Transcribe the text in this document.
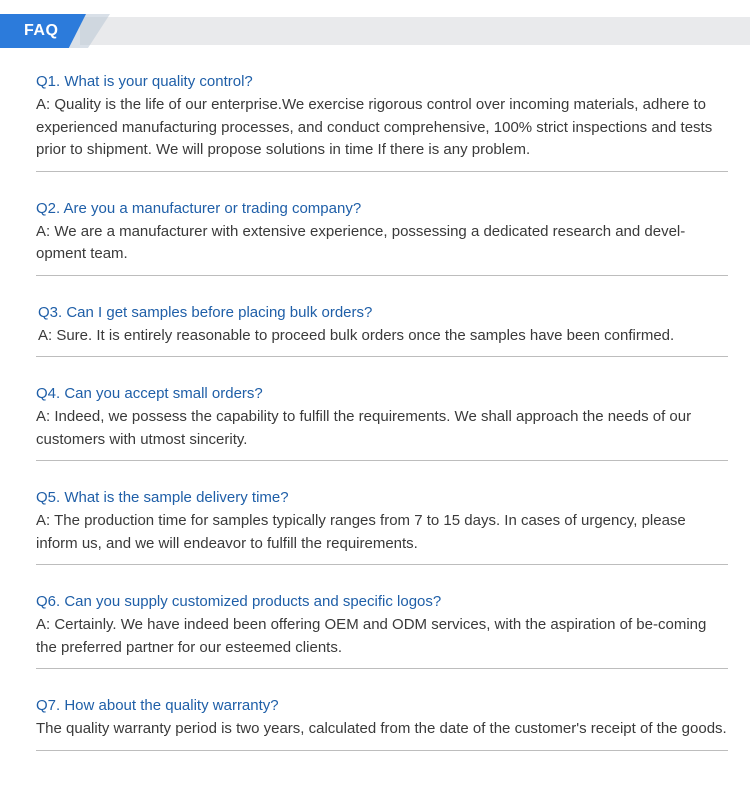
FAQ

Q1. What is your quality control?

A: Quality is the life of our enterprise.We exercise rigorous control over incoming materials, adhere to experienced manufacturing processes, and conduct comprehensive, 100% strict inspections and tests prior to shipment. We will propose solutions in time If there is any problem.

Q2. Are you a manufacturer or trading company?

A: We are a manufacturer with extensive experience, possessing a dedicated research and devel-opment team.

Q3. Can I get samples before placing bulk orders?

A: Sure. It is entirely reasonable to proceed bulk orders once the samples have been confirmed.

Q4. Can you accept small orders?

A: Indeed, we possess the capability to fulfill the requirements. We shall approach the needs of our customers with utmost sincerity.

Q5. What is the sample delivery time?

A: The production time for samples typically ranges from 7 to 15 days. In cases of urgency, please inform us, and we will endeavor to fulfill the requirements.

Q6. Can you supply customized products and specific logos?

A: Certainly. We have indeed been offering OEM and ODM services, with the aspiration of be-coming the preferred partner for our esteemed clients.

Q7. How about the quality warranty?

The quality warranty period is two years, calculated from the date of the customer's receipt of the goods.
